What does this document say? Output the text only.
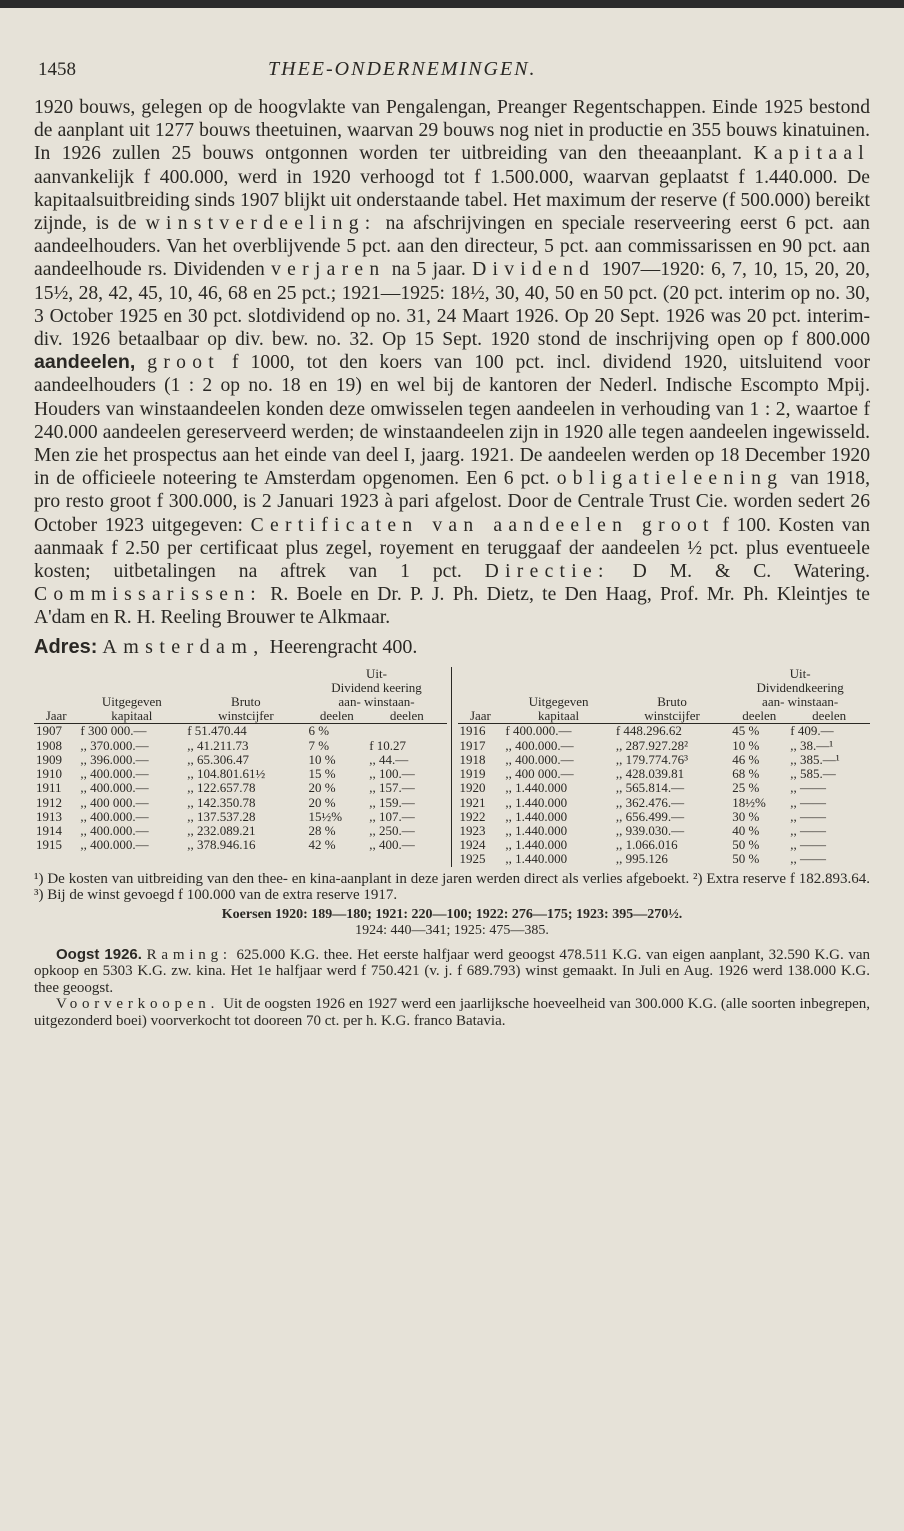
1458	THEE-ONDERNEMINGEN.

1920 bouws, gelegen op de hoogvlakte van Pengalengan, Preanger Regentschappen. Einde 1925 bestond de aanplant uit 1277 bouws theetuinen, waarvan 29 bouws nog niet in productie en 355 bouws kinatuinen. In 1926 zullen 25 bouws ontgonnen worden ter uitbreiding van den theeaanplant. Kapitaal aanvankelijk f 400.000, werd in 1920 verhoogd tot f 1.500.000, waarvan geplaatst f 1.440.000. De kapitaalsuitbreiding sinds 1907 blijkt uit onderstaande tabel. Het maximum der reserve (f 500.000) bereikt zijnde, is de winstverdeeling: na afschrijvingen en speciale reserveering eerst 6 pct. aan aandeelhouders. Van het overblijvende 5 pct. aan den directeur, 5 pct. aan commissarissen en 90 pct. aan aandeelhoude rs. Dividenden verjaren na 5 jaar. Dividend 1907—1920: 6, 7, 10, 15, 20, 20, 15½, 28, 42, 45, 10, 46, 68 en 25 pct.; 1921—1925: 18½, 30, 40, 50 en 50 pct. (20 pct. interim op no. 30, 3 October 1925 en 30 pct. slotdividend op no. 31, 24 Maart 1926. Op 20 Sept. 1926 was 20 pct. interim-div. 1926 betaalbaar op div. bew. no. 32. Op 15 Sept. 1920 stond de inschrijving open op f 800.000 aandeelen, groot f 1000, tot den koers van 100 pct. incl. dividend 1920, uitsluitend voor aandeelhouders (1 : 2 op no. 18 en 19) en wel bij de kantoren der Nederl. Indische Escompto Mpij. Houders van winstaandeelen konden deze omwisselen tegen aandeelen in verhouding van 1 : 2, waartoe f 240.000 aandeelen gereserveerd werden; de winstaandeelen zijn in 1920 alle tegen aandeelen ingewisseld. Men zie het prospectus aan het einde van deel I, jaarg. 1921. De aandeelen werden op 18 December 1920 in de officieele noteering te Amsterdam opgenomen. Een 6 pct. obligatieleening van 1918, pro resto groot f 300.000, is 2 Januari 1923 à pari afgelost. Door de Centrale Trust Cie. worden sedert 26 October 1923 uitgegeven: Certificaten van aandeelen groot f 100. Kosten van aanmaak f 2.50 per certificaat plus zegel, royement en teruggaaf der aandeelen ½ pct. plus eventueele kosten; uitbetalingen na aftrek van 1 pct. Directie: D M. & C. Watering. Commissarissen: R. Boele en Dr. P. J. Ph. Dietz, te Den Haag, Prof. Mr. Ph. Kleintjes te A'dam en R. H. Reeling Brouwer te Alkmaar.

Adres: Amsterdam, Heerengracht 400.
			Uit-	
			Dividend keering	
	Uitgegeven	Bruto	aan- winstaan-	
Jaar	kapitaal	winstcijfer	deelen	deelen
1907	f 300 000.—	f 51.470.44	6 %	
1908	,, 370.000.—	,, 41.211.73	7 %	f 10.27
1909	,, 396.000.—	,, 65.306.47	10 %	,, 44.—
1910	,, 400.000.—	,, 104.801.61½	15 %	,, 100.—
1911	,, 400.000.—	,, 122.657.78	20 %	,, 157.—
1912	,, 400 000.—	,, 142.350.78	20 %	,, 159.—
1913	,, 400.000.—	,, 137.537.28	15½%	,, 107.—
1914	,, 400.000.—	,, 232.089.21	28 %	,, 250.—
1915	,, 400.000.—	,, 378.946.16	42 %	,, 400.—
			Uit-	
			Dividendkeering	
	Uitgegeven	Bruto	aan- winstaan-	
Jaar	kapitaal	winstcijfer	deelen	deelen
1916	f 400.000.—	f 448.296.62	45 %	f 409.—
1917	,, 400.000.—	,, 287.927.28²	10 %	,, 38.—¹
1918	,, 400.000.—	,, 179.774.76³	46 %	,, 385.—¹
1919	,, 400 000.—	,, 428.039.81	68 %	,, 585.—
1920	,, 1.440.000	,, 565.814.—	25 %	,, ——
1921	,, 1.440.000	,, 362.476.—	18½%	,, ——
1922	,, 1.440.000	,, 656.499.—	30 %	,, ——
1923	,, 1.440.000	,, 939.030.—	40 %	,, ——
1924	,, 1.440.000	,, 1.066.016	50 %	,, ——
1925	,, 1.440.000	,, 995.126	50 %	,, ——
¹) De kosten van uitbreiding van den thee- en kina-aanplant in deze jaren werden direct als verlies afgeboekt. ²) Extra reserve f 182.893.64. ³) Bij de winst gevoegd f 100.000 van de extra reserve 1917.
Koersen 1920: 189—180; 1921: 220—100; 1922: 276—175; 1923: 395—270½.
1924: 440—341; 1925: 475—385.

Oogst 1926. Raming: 625.000 K.G. thee. Het eerste halfjaar werd geoogst 478.511 K.G. van eigen aanplant, 32.590 K.G. van opkoop en 5303 K.G. zw. kina. Het 1e halfjaar werd f 750.421 (v. j. f 689.793) winst gemaakt. In Juli en Aug. 1926 werd 138.000 K.G. thee geoogst.

Voorverkoopen. Uit de oogsten 1926 en 1927 werd een jaarlijksche hoeveelheid van 300.000 K.G. (alle soorten inbegrepen, uitgezonderd boei) voorverkocht tot dooreen 70 ct. per h. K.G. franco Batavia.
